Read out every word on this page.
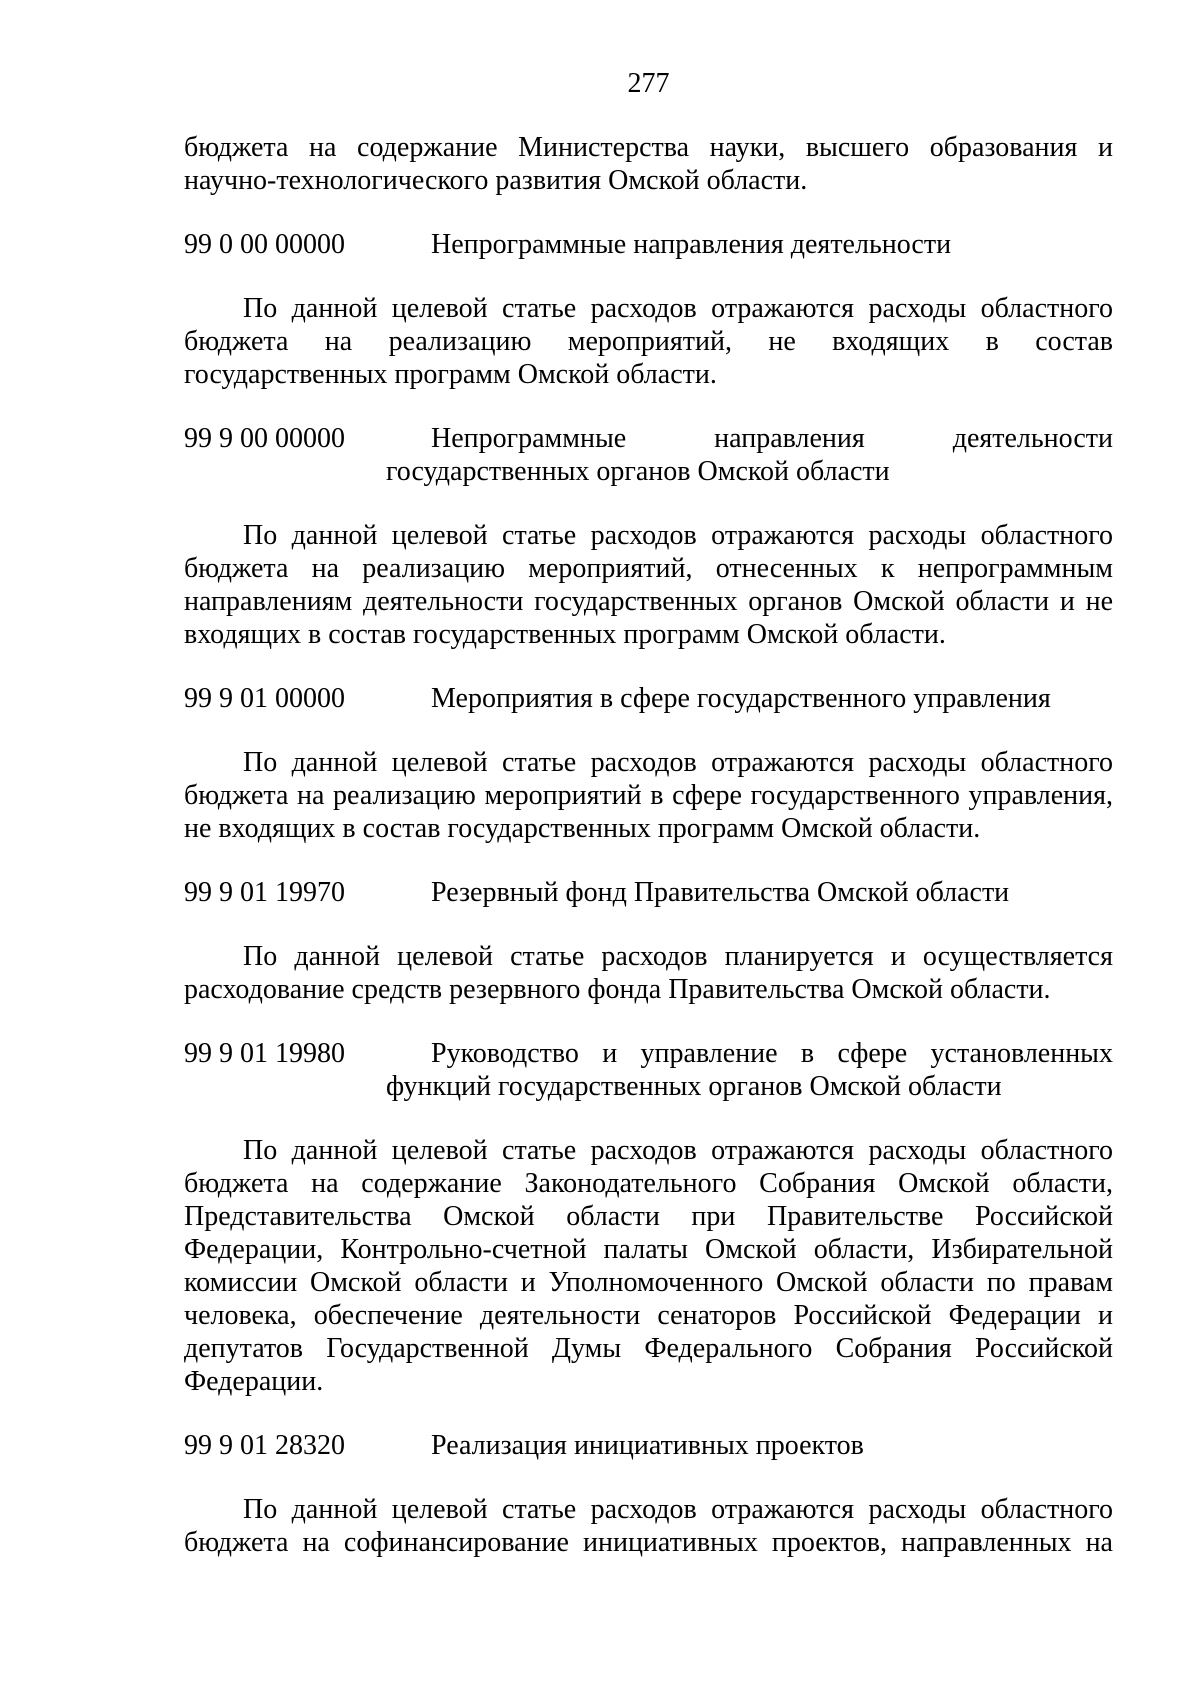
277
бюджета на содержание Министерства науки, высшего образования и
научно-технологического развития Омской области.
99 0 00 00000	Непрограммные направления деятельности
По данной целевой статье расходов отражаются расходы областного
бюджета на реализацию мероприятий, не входящих в состав
государственных программ Омской области.
99 9 00 00000	Непрограммные направления деятельности
государственных органов Омской области
По данной целевой статье расходов отражаются расходы областного
бюджета на реализацию мероприятий, отнесенных к непрограммным
направлениям деятельности государственных органов Омской области и не
входящих в состав государственных программ Омской области.
99 9 01 00000	Мероприятия в сфере государственного управления
По данной целевой статье расходов отражаются расходы областного
бюджета на реализацию мероприятий в сфере государственного управления,
не входящих в состав государственных программ Омской области.
99 9 01 19970	Резервный фонд Правительства Омской области
По данной целевой статье расходов планируется и осуществляется
расходование средств резервного фонда Правительства Омской области.
99 9 01 19980	Руководство и управление в сфере установленных
функций государственных органов Омской области
По данной целевой статье расходов отражаются расходы областного
бюджета на содержание Законодательного Собрания Омской области,
Представительства Омской области при Правительстве Российской
Федерации, Контрольно-счетной палаты Омской области, Избирательной
комиссии Омской области и Уполномоченного Омской области по правам
человека, обеспечение деятельности сенаторов Российской Федерации и
депутатов Государственной Думы Федерального Собрания Российской
Федерации.
99 9 01 28320	Реализация инициативных проектов
По данной целевой статье расходов отражаются расходы областного
бюджета на софинансирование инициативных проектов, направленных на
